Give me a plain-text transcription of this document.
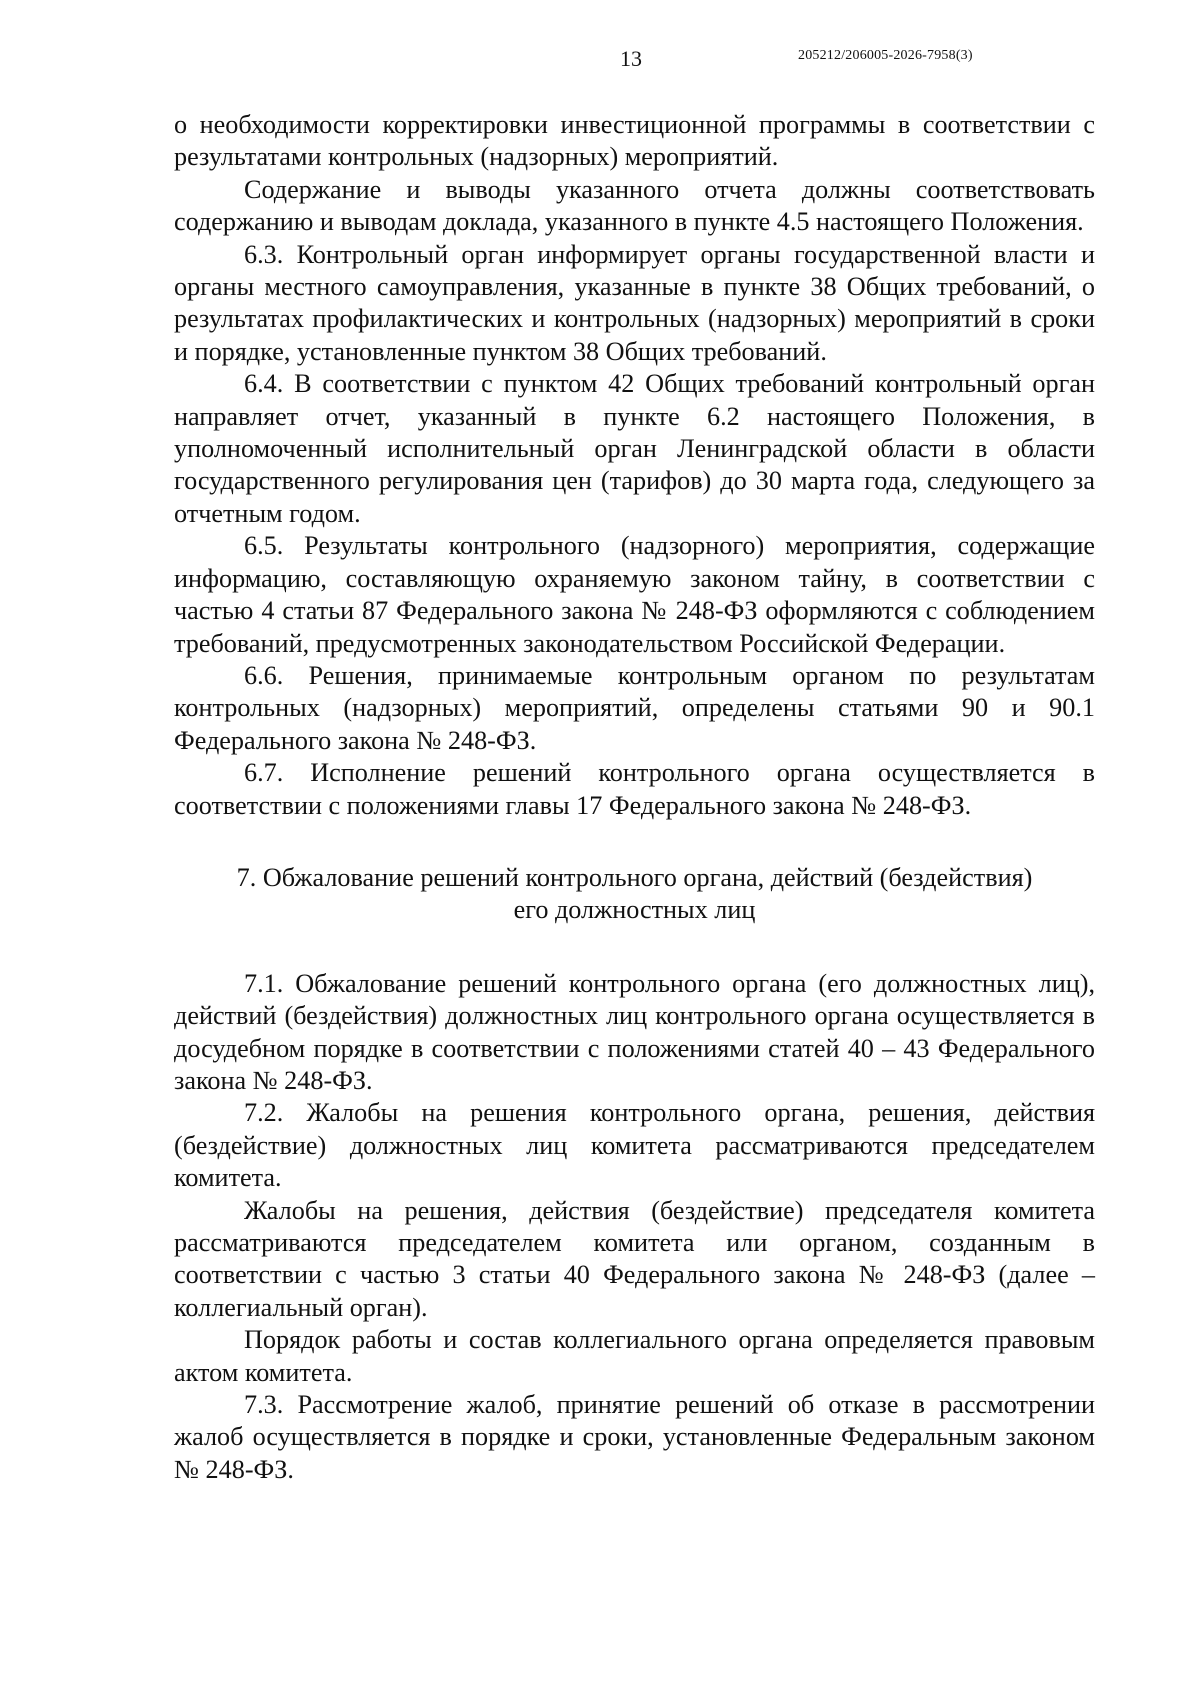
13	205212/206005-2026-7958(3)

о необходимости корректировки инвестиционной программы в соответствии с результатами контрольных (надзорных) мероприятий.

Содержание и выводы указанного отчета должны соответствовать содержанию и выводам доклада, указанного в пункте 4.5 настоящего Положения.

6.3. Контрольный орган информирует органы государственной власти и органы местного самоуправления, указанные в пункте 38 Общих требований, о результатах профилактических и контрольных (надзорных) мероприятий в сроки и порядке, установленные пунктом 38 Общих требований.

6.4. В соответствии с пунктом 42 Общих требований контрольный орган направляет отчет, указанный в пункте 6.2 настоящего Положения, в уполномоченный исполнительный орган Ленинградской области в области государственного регулирования цен (тарифов) до 30 марта года, следующего за отчетным годом.

6.5. Результаты контрольного (надзорного) мероприятия, содержащие информацию, составляющую охраняемую законом тайну, в соответствии с частью 4 статьи 87 Федерального закона № 248-ФЗ оформляются с соблюдением требований, предусмотренных законодательством Российской Федерации.

6.6. Решения, принимаемые контрольным органом по результатам контрольных (надзорных) мероприятий, определены статьями 90 и 90.1 Федерального закона № 248-ФЗ.

6.7. Исполнение решений контрольного органа осуществляется в соответствии с положениями главы 17 Федерального закона № 248-ФЗ.

7. Обжалование решений контрольного органа, действий (бездействия)
его должностных лиц

7.1. Обжалование решений контрольного органа (его должностных лиц), действий (бездействия) должностных лиц контрольного органа осуществляется в досудебном порядке в соответствии с положениями статей 40 – 43 Федерального закона № 248-ФЗ.

7.2. Жалобы на решения контрольного органа, решения, действия (бездействие) должностных лиц комитета рассматриваются председателем комитета.

Жалобы на решения, действия (бездействие) председателя комитета рассматриваются председателем комитета или органом, созданным в соответствии с частью 3 статьи 40 Федерального закона № 248-ФЗ (далее – коллегиальный орган).

Порядок работы и состав коллегиального органа определяется правовым актом комитета.

7.3. Рассмотрение жалоб, принятие решений об отказе в рассмотрении жалоб осуществляется в порядке и сроки, установленные Федеральным законом № 248-ФЗ.
